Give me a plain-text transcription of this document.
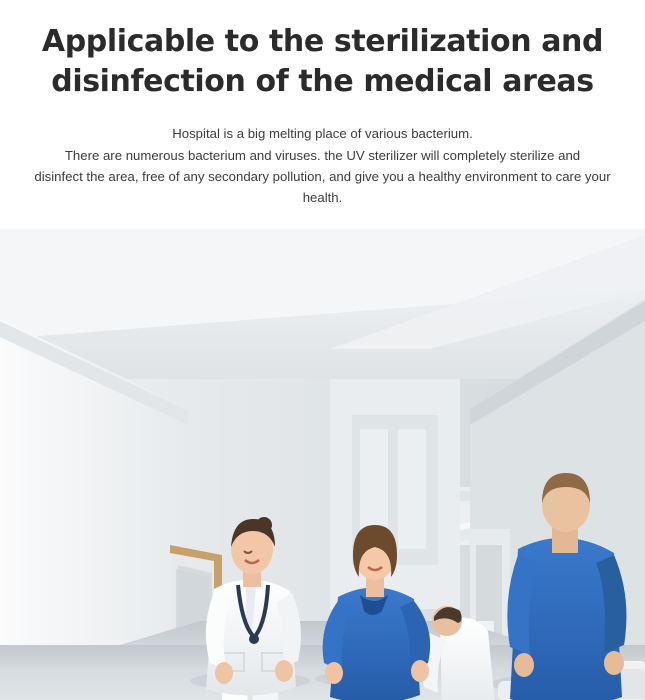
Applicable to the sterilization and
disinfection of the medical areas
Hospital is a big melting place of various bacterium.
There are numerous bacterium and viruses. the UV sterilizer will completely sterilize and
disinfect the area, free of any secondary pollution, and give you a healthy environment to care your health.
